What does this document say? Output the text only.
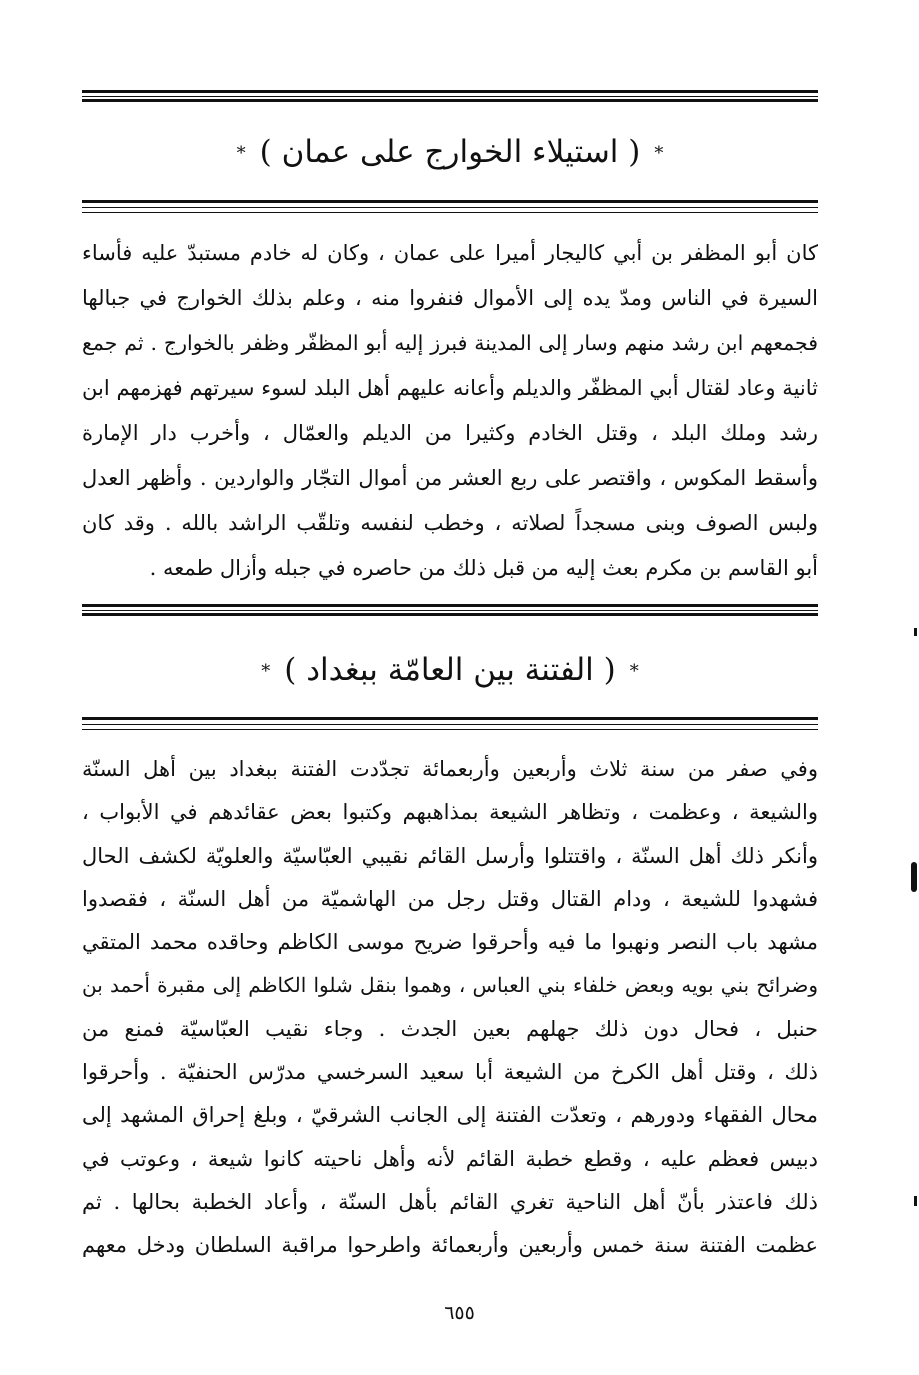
*( استيلاء الخوارج على عمان )*
كان أبو المظفر بن أبي كاليجار أميرا على عمان ، وكان له خادم مستبدّ عليه فأساء
السيرة في الناس ومدّ يده إلى الأموال فنفروا منه ، وعلم بذلك الخوارج في جبالها
فجمعهم ابن رشد منهم وسار إلى المدينة فبرز إليه أبو المظفّر وظفر بالخوارج . ثم جمع
ثانية وعاد لقتال أبي المظفّر والديلم وأعانه عليهم أهل البلد لسوء سيرتهم فهزمهم ابن
رشد وملك البلد ، وقتل الخادم وكثيرا من الديلم والعمّال ، وأخرب دار الإمارة
وأسقط المكوس ، واقتصر على ربع العشر من أموال التجّار والواردين . وأظهر العدل
ولبس الصوف وبنى مسجداً لصلاته ، وخطب لنفسه وتلقّب الراشد بالله . وقد كان
أبو القاسم بن مكرم بعث إليه من قبل ذلك من حاصره في جبله وأزال طمعه .
*( الفتنة بين العامّة ببغداد )*
وفي صفر من سنة ثلاث وأربعين وأربعمائة تجدّدت الفتنة ببغداد بين أهل السنّة
والشيعة ، وعظمت ، وتظاهر الشيعة بمذاهبهم وكتبوا بعض عقائدهم في الأبواب ،
وأنكر ذلك أهل السنّة ، واقتتلوا وأرسل القائم نقيبي العبّاسيّة والعلويّة لكشف الحال
فشهدوا للشيعة ، ودام القتال وقتل رجل من الهاشميّة من أهل السنّة ، فقصدوا
مشهد باب النصر ونهبوا ما فيه وأحرقوا ضريح موسى الكاظم وحاقده محمد المتقي
وضرائح بني بويه وبعض خلفاء بني العباس ، وهموا بنقل شلوا الكاظم إلى مقبرة أحمد بن
حنبل ، فحال دون ذلك جهلهم بعين الجدث . وجاء نقيب العبّاسيّة فمنع من
ذلك ، وقتل أهل الكرخ من الشيعة أبا سعيد السرخسي مدرّس الحنفيّة . وأحرقوا
محال الفقهاء ودورهم ، وتعدّت الفتنة إلى الجانب الشرقيّ ، وبلغ إحراق المشهد إلى
دبيس فعظم عليه ، وقطع خطبة القائم لأنه وأهل ناحيته كانوا شيعة ، وعوتب في
ذلك فاعتذر بأنّ أهل الناحية تغري القائم بأهل السنّة ، وأعاد الخطبة بحالها . ثم
عظمت الفتنة سنة خمس وأربعين وأربعمائة واطرحوا مراقبة السلطان ودخل معهم
٦٥٥
